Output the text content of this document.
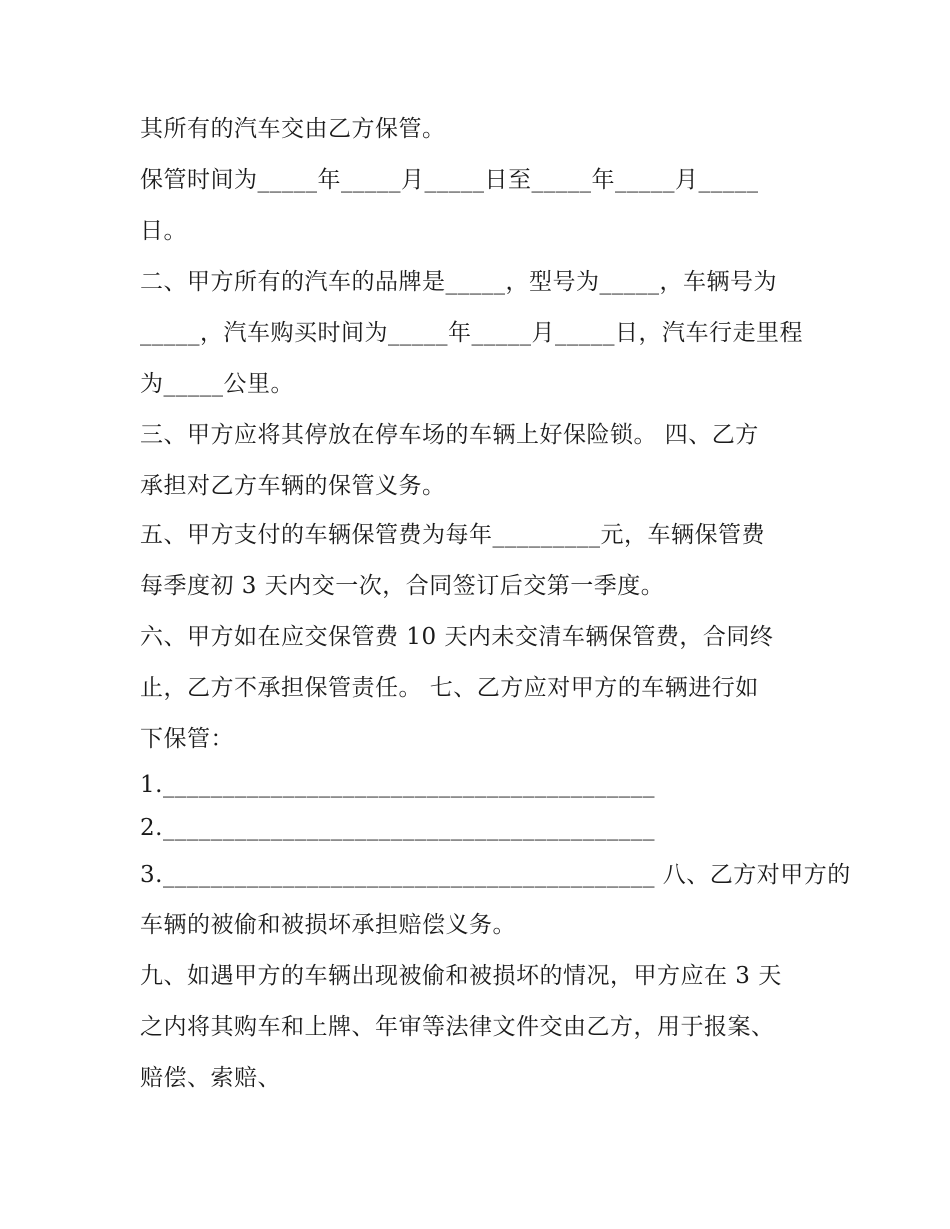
其所有的汽车交由乙方保管。
保管时间为_____年_____月_____日至_____年_____月_____
日。
二、甲方所有的汽车的品牌是_____，型号为_____，车辆号为
_____，汽车购买时间为_____年_____月_____日，汽车行走里程
为_____公里。
三、甲方应将其停放在停车场的车辆上好保险锁。 四、乙方
承担对乙方车辆的保管义务。
五、甲方支付的车辆保管费为每年_________元，车辆保管费
每季度初 3 天内交一次，合同签订后交第一季度。
六、甲方如在应交保管费 10 天内未交清车辆保管费，合同终
止，乙方不承担保管责任。 七、乙方应对甲方的车辆进行如
下保管：
1._________________________________________
2._________________________________________
3._________________________________________ 八、乙方对甲方的
车辆的被偷和被损坏承担赔偿义务。
九、如遇甲方的车辆出现被偷和被损坏的情况，甲方应在 3 天
之内将其购车和上牌、年审等法律文件交由乙方，用于报案、
赔偿、索赔、
